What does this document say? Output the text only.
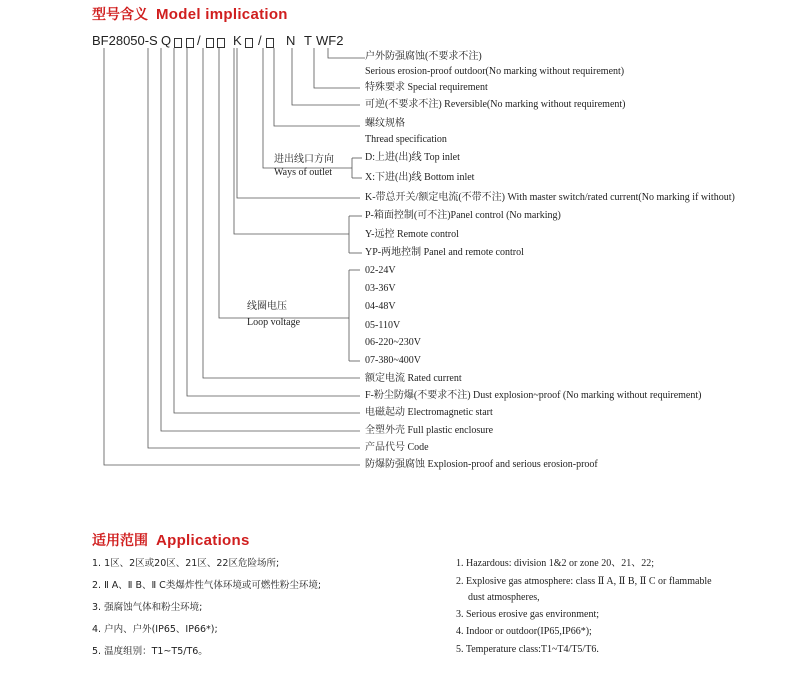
型号含义 Model implication
BF28050- S Q / K / N T WF2
户外防强腐蚀(不要求不注)
Serious erosion-proof outdoor(No marking without requirement)
特殊要求 Special requirement
可逆(不要求不注) Reversible(No marking without requirement)
螺纹规格
Thread specification
进出线口方向
Ways of outlet
D:上进(出)线 Top inlet
X:下进(出)线 Bottom inlet
K-带总开关/额定电流(不带不注) With master switch/rated current(No marking if without)
P-箱面控制(可不注)Panel control (No marking)
Y-远控 Remote control
YP-两地控制 Panel and remote control
线圈电压
Loop voltage
02-24V
03-36V
04-48V
05-110V
06-220~230V
07-380~400V
额定电流 Rated current
F-粉尘防爆(不要求不注) Dust explosion~proof (No marking without requirement)
电磁起动 Electromagnetic start
全塑外壳 Full plastic enclosure
产品代号 Code
防爆防强腐蚀 Explosion-proof and serious erosion-proof
适用范围 Applications
1. 1区、2区或20区、21区、22区危险场所;
2. Ⅱ A、Ⅱ B、Ⅱ C类爆炸性气体环境或可燃性粉尘环境;
3. 强腐蚀气体和粉尘环境;
4. 户内、户外(IP65、IP66*);
5. 温度组别：T1~T5/T6。
1. Hazardous: division 1&2 or zone 20、21、22;
2. Explosive gas atmosphere: class Ⅱ A, Ⅱ B, Ⅱ C or flammable
dust atmospheres,
3. Serious erosive gas environment;
4. Indoor or outdoor(IP65,IP66*);
5. Temperature class:T1~T4/T5/T6.
